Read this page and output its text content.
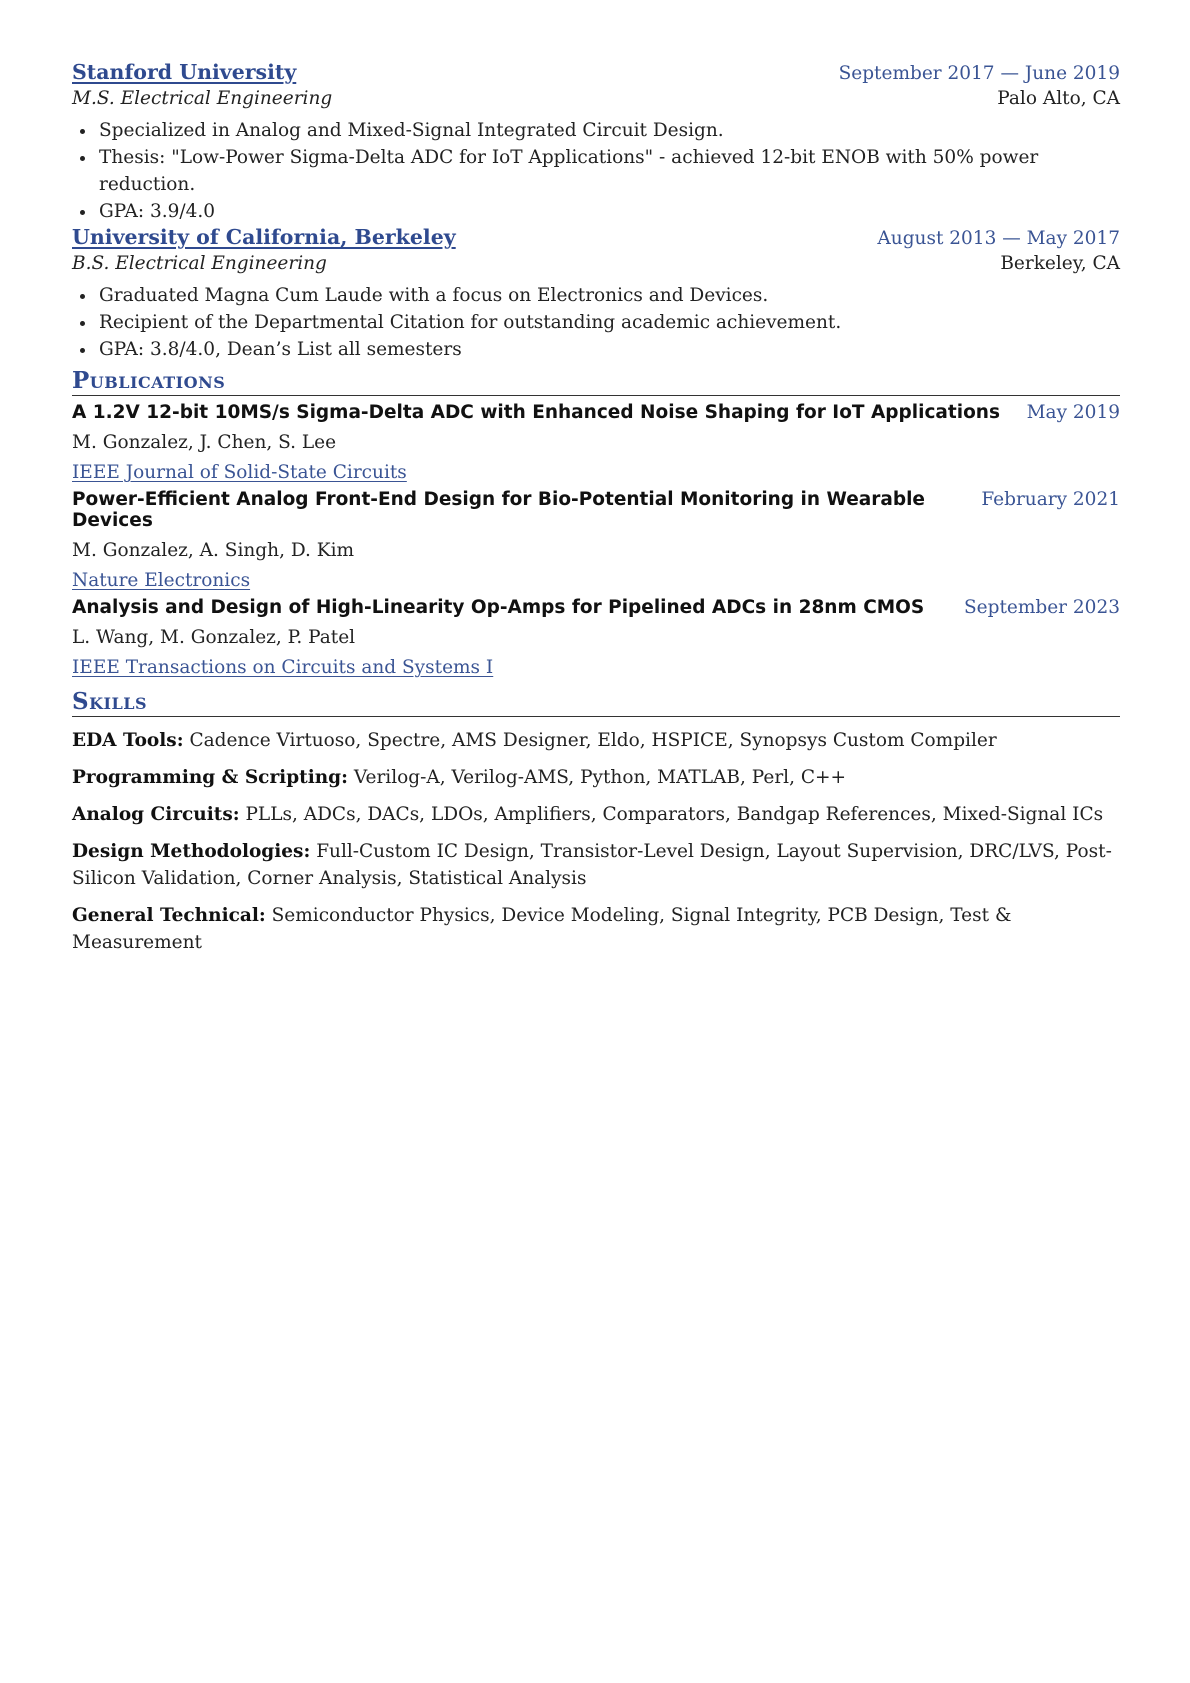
Stanford University	September 2017 — June 2019
M.S. Electrical Engineering	Palo Alto, CA
• Specialized in Analog and Mixed-Signal Integrated Circuit Design.
• Thesis: "Low-Power Sigma-Delta ADC for IoT Applications" - achieved 12-bit ENOB with 50% power reduction.
• GPA: 3.9/4.0
University of California, Berkeley	August 2013 — May 2017
B.S. Electrical Engineering	Berkeley, CA
• Graduated Magna Cum Laude with a focus on Electronics and Devices.
• Recipient of the Departmental Citation for outstanding academic achievement.
• GPA: 3.8/4.0, Dean’s List all semesters
Publications
A 1.2V 12-bit 10MS/s Sigma-Delta ADC with Enhanced Noise Shaping for IoT Applications May 2019
M. Gonzalez, J. Chen, S. Lee
IEEE Journal of Solid-State Circuits
Power-Efficient Analog Front-End Design for Bio-Potential Monitoring in Wearable Devices
February 2021
M. Gonzalez, A. Singh, D. Kim
Nature Electronics
Analysis and Design of High-Linearity Op-Amps for Pipelined ADCs in 28nm CMOS September 2023
L. Wang, M. Gonzalez, P. Patel
IEEE Transactions on Circuits and Systems I
Skills
EDA Tools: Cadence Virtuoso, Spectre, AMS Designer, Eldo, HSPICE, Synopsys Custom Compiler
Programming & Scripting: Verilog-A, Verilog-AMS, Python, MATLAB, Perl, C++
Analog Circuits: PLLs, ADCs, DACs, LDOs, Amplifiers, Comparators, Bandgap References, Mixed-Signal ICs
Design Methodologies: Full-Custom IC Design, Transistor-Level Design, Layout Supervision, DRC/LVS, Post-Silicon Validation, Corner Analysis, Statistical Analysis
General Technical: Semiconductor Physics, Device Modeling, Signal Integrity, PCB Design, Test & Measurement
